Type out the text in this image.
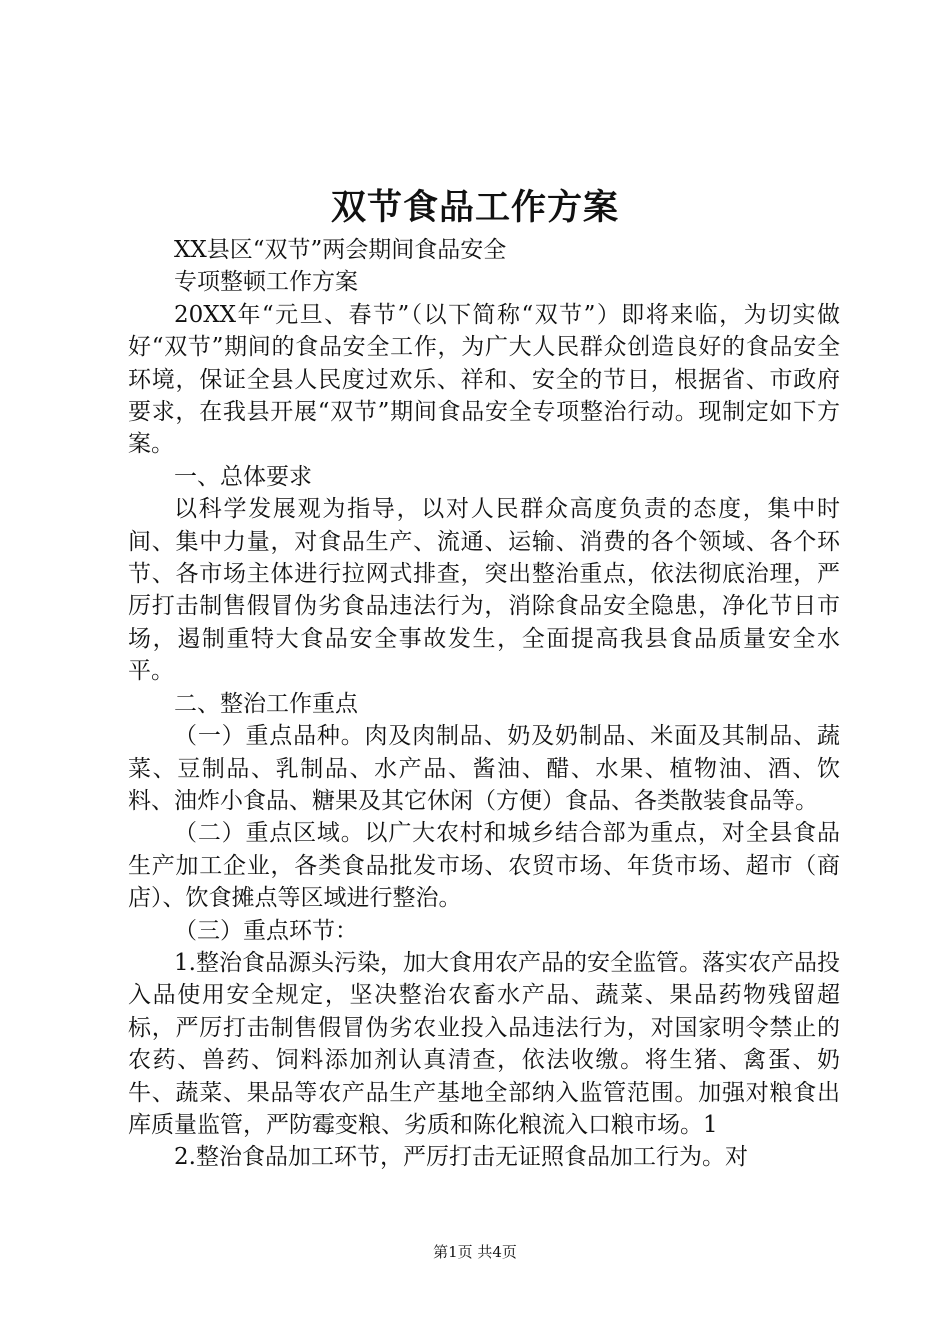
双节食品工作方案

XX县区“双节”两会期间食品安全

专项整顿工作方案

20XX年“元旦、春节”（以下简称“双节”）即将来临，为切实做好“双节”期间的食品安全工作，为广大人民群众创造良好的食品安全环境，保证全县人民度过欢乐、祥和、安全的节日，根据省、市政府要求，在我县开展“双节”期间食品安全专项整治行动。现制定如下方案。

一、总体要求

以科学发展观为指导，以对人民群众高度负责的态度，集中时间、集中力量，对食品生产、流通、运输、消费的各个领域、各个环节、各市场主体进行拉网式排查，突出整治重点，依法彻底治理，严厉打击制售假冒伪劣食品违法行为，消除食品安全隐患，净化节日市场，遏制重特大食品安全事故发生，全面提高我县食品质量安全水平。

二、整治工作重点

（一）重点品种。肉及肉制品、奶及奶制品、米面及其制品、蔬菜、豆制品、乳制品、水产品、酱油、醋、水果、植物油、酒、饮料、油炸小食品、糖果及其它休闲（方便）食品、各类散装食品等。

（二）重点区域。以广大农村和城乡结合部为重点，对全县食品生产加工企业，各类食品批发市场、农贸市场、年货市场、超市（商店）、饮食摊点等区域进行整治。

（三）重点环节：

1.整治食品源头污染，加大食用农产品的安全监管。落实农产品投入品使用安全规定，坚决整治农畜水产品、蔬菜、果品药物残留超标，严厉打击制售假冒伪劣农业投入品违法行为，对国家明令禁止的农药、兽药、饲料添加剂认真清查，依法收缴。将生猪、禽蛋、奶牛、蔬菜、果品等农产品生产基地全部纳入监管范围。加强对粮食出库质量监管，严防霉变粮、劣质和陈化粮流入口粮市场。1

2.整治食品加工环节，严厉打击无证照食品加工行为。对

第1页 共4页
